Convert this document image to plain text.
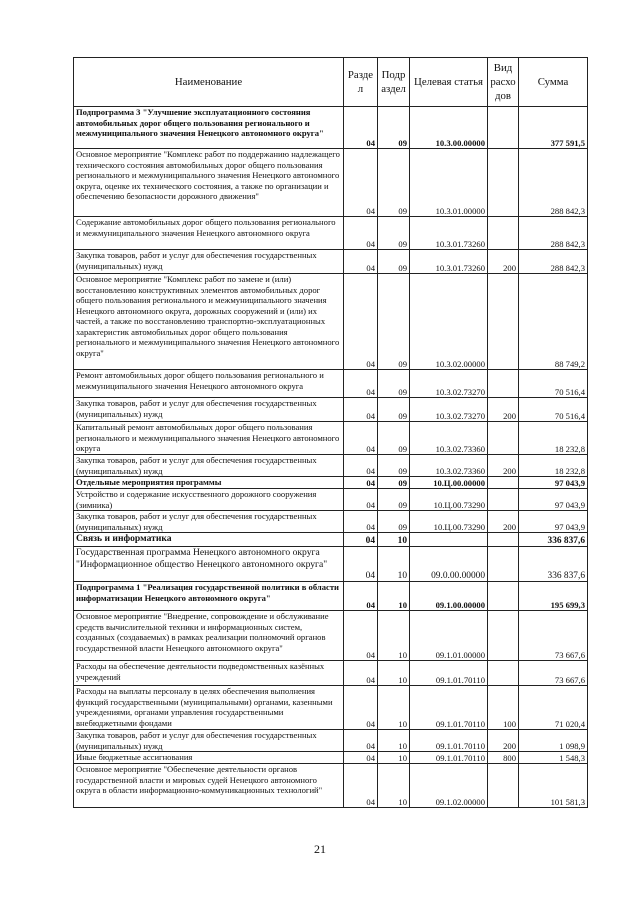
Наименование	Разде л	Подр аздел	Целевая статья	Вид расхо дов	Сумма
Подпрограмма 3 "Улучшение эксплуатационного состояния автомобильных дорог общего пользования регионального и межмуниципального значения Ненецкого автономного округа"	04	09	10.3.00.00000		377 591,5
Основное мероприятие "Комплекс работ по поддержанию надлежащего технического состояния автомобильных дорог общего пользования регионального и межмуниципального значения Ненецкого автономного округа, оценке их технического состояния, а также по организации и обеспечению безопасности дорожного движения"	04	09	10.3.01.00000		288 842,3
Содержание автомобильных дорог общего пользования регионального и межмуниципального значения Ненецкого автономного округа	04	09	10.3.01.73260		288 842,3
Закупка товаров, работ и услуг для обеспечения государственных (муниципальных) нужд	04	09	10.3.01.73260	200	288 842,3
Основное мероприятие "Комплекс работ по замене и (или) восстановлению конструктивных элементов автомобильных дорог общего пользования регионального и межмуниципального значения Ненецкого автономного округа, дорожных сооружений и (или) их частей, а также по восстановлению транспортно-эксплуатационных характеристик автомобильных дорог общего пользования регионального и межмуниципального значения Ненецкого автономного округа"	04	09	10.3.02.00000		88 749,2
Ремонт автомобильных дорог общего пользования регионального и межмуниципального значения Ненецкого автономного округа	04	09	10.3.02.73270		70 516,4
Закупка товаров, работ и услуг для обеспечения государственных (муниципальных) нужд	04	09	10.3.02.73270	200	70 516,4
Капитальный ремонт автомобильных дорог общего пользования регионального и межмуниципального значения Ненецкого автономного округа	04	09	10.3.02.73360		18 232,8
Закупка товаров, работ и услуг для обеспечения государственных (муниципальных) нужд	04	09	10.3.02.73360	200	18 232,8
Отдельные мероприятия программы	04	09	10.Ц.00.00000		97 043,9
Устройство и содержание искусственного дорожного сооружения (зимника)	04	09	10.Ц.00.73290		97 043,9
Закупка товаров, работ и услуг для обеспечения государственных (муниципальных) нужд	04	09	10.Ц.00.73290	200	97 043,9
Связь и информатика	04	10			336 837,6
Государственная программа Ненецкого автономного округа "Информационное общество Ненецкого автономного округа"	04	10	09.0.00.00000		336 837,6
Подпрограмма 1 "Реализация государственной политики в области информатизации Ненецкого автономного округа"	04	10	09.1.00.00000		195 699,3
Основное мероприятие "Внедрение, сопровождение и обслуживание средств вычислительной техники и информационных систем, созданных (создаваемых) в рамках реализации полномочий органов государственной власти Ненецкого автономного округа"	04	10	09.1.01.00000		73 667,6
Расходы на обеспечение деятельности подведомственных казённых учреждений	04	10	09.1.01.70110		73 667,6
Расходы на выплаты персоналу в целях обеспечения выполнения функций государственными (муниципальными) органами, казенными учреждениями, органами управления государственными внебюджетными фондами	04	10	09.1.01.70110	100	71 020,4
Закупка товаров, работ и услуг для обеспечения государственных (муниципальных) нужд	04	10	09.1.01.70110	200	1 098,9
Иные бюджетные ассигнования	04	10	09.1.01.70110	800	1 548,3
Основное мероприятие "Обеспечение деятельности органов государственной власти и мировых судей Ненецкого автономного округа в области информационно-коммуникационных технологий"	04	10	09.1.02.00000		101 581,3
21
